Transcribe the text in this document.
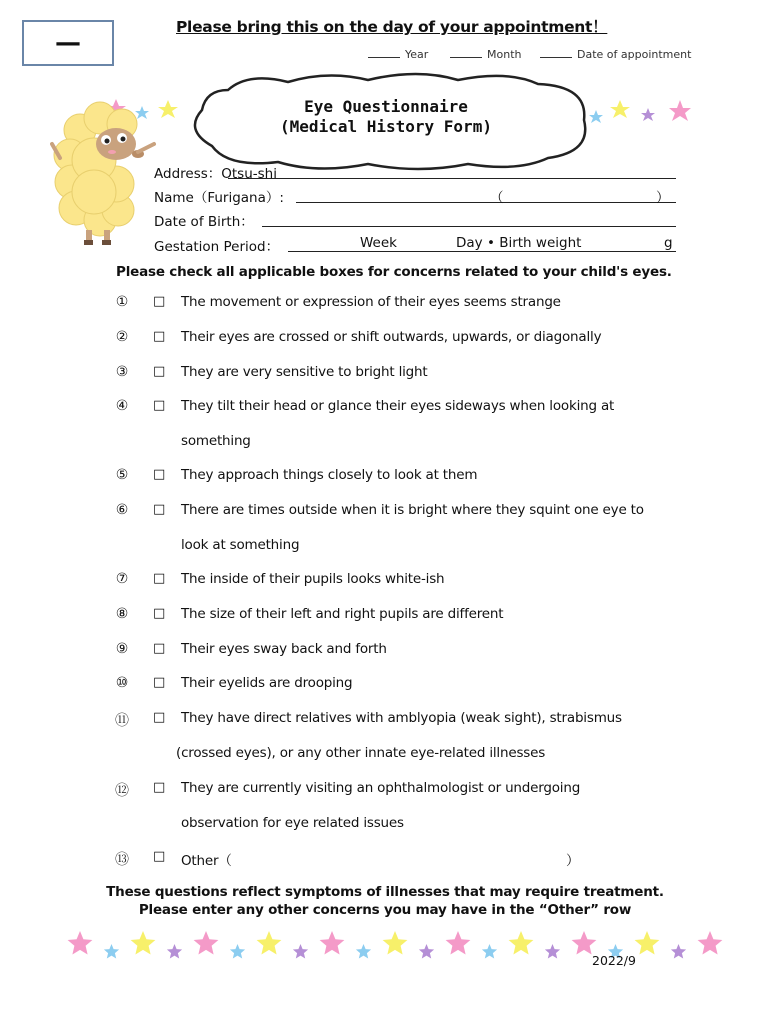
—
Please bring this on the day of your appointment！
Year	Month	Date of appointment
Eye Questionnaire
(Medical History Form)
Address：Otsu-shi
Name（Furigana）:	（	）
Date of Birth：
Gestation Period：	Week	Day • Birth weight	g
Please check all applicable boxes for concerns related to your child's eyes.
① □ The movement or expression of their eyes seems strange
② □ Their eyes are crossed or shift outwards, upwards, or diagonally
③ □ They are very sensitive to bright light
④ □ They tilt their head or glance their eyes sideways when looking at
something
⑤ □ They approach things closely to look at them
⑥ □ There are times outside when it is bright where they squint one eye to
look at something
⑦ □ The inside of their pupils looks white-ish
⑧ □ The size of their left and right pupils are different
⑨ □ Their eyes sway back and forth
⑩ □ Their eyelids are drooping
⑪ □ They have direct relatives with amblyopia (weak sight), strabismus
(crossed eyes), or any other innate eye-related illnesses
⑫ □ They are currently visiting an ophthalmologist or undergoing
observation for eye related issues
⑬ □ Other（	）
These questions reflect symptoms of illnesses that may require treatment.
Please enter any other concerns you may have in the “Other” row
2022/9
